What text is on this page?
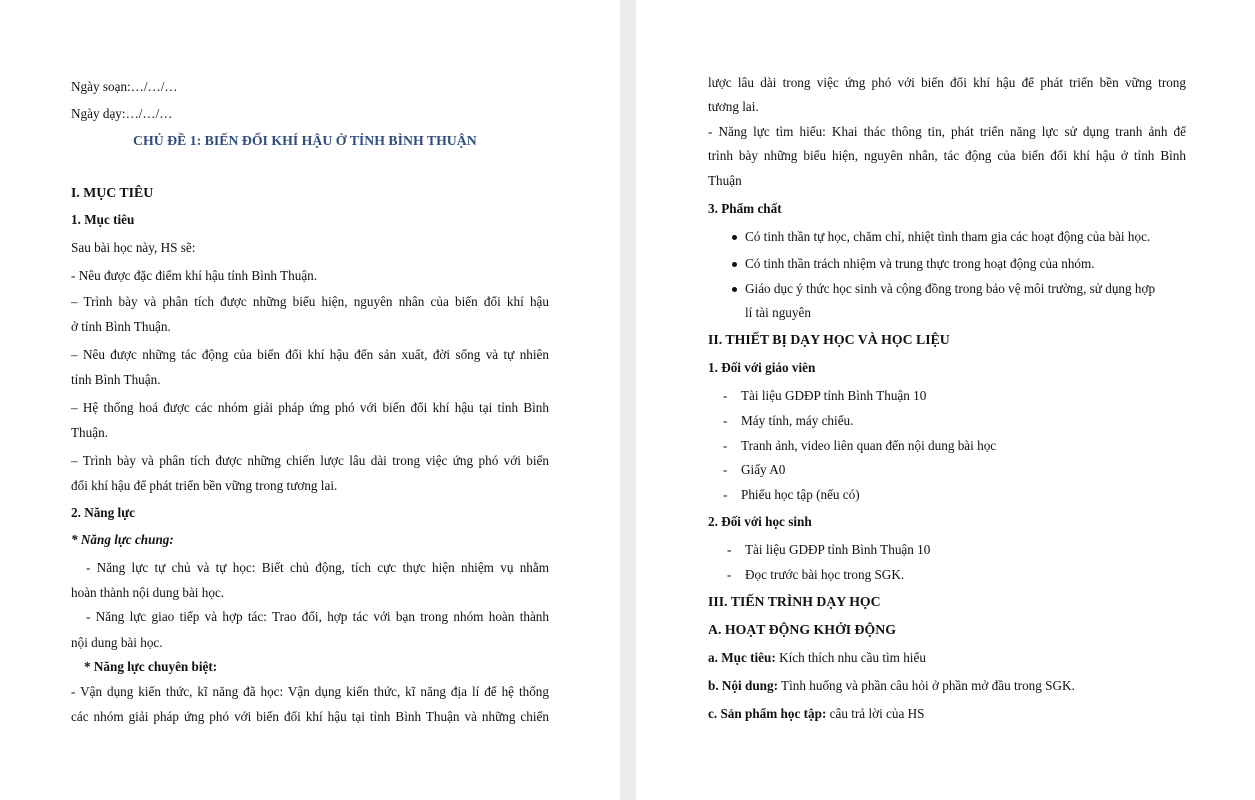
Ngày soạn:…/…/…
Ngày dạy:…/…/…
CHỦ ĐỀ 1: BIẾN ĐỔI KHÍ HẬU Ở TỈNH BÌNH THUẬN
I. MỤC TIÊU
1. Mục tiêu
Sau bài học này, HS sẽ:
- Nêu được đặc điểm khí hậu tỉnh Bình Thuận.
– Trình bày và phân tích được những biểu hiện, nguyên nhân của biến đổi khí hậu
ở tỉnh Bình Thuận.
– Nêu được những tác động của biến đổi khí hậu đến sản xuất, đời sống và tự nhiên
tỉnh Bình Thuận.
– Hệ thống hoá được các nhóm giải pháp ứng phó với biến đổi khí hậu tại tỉnh Bình
Thuận.
– Trình bày và phân tích được những chiến lược lâu dài trong việc ứng phó với biến
đổi khí hậu để phát triển bền vững trong tương lai.
2. Năng lực
* Năng lực chung:
- Năng lực tự chủ và tự học: Biết chủ động, tích cực thực hiện nhiệm vụ nhằm
hoàn thành nội dung bài học.
- Năng lực giao tiếp và hợp tác: Trao đổi, hợp tác với bạn trong nhóm hoàn thành
nội dung bài học.
* Năng lực chuyên biệt:
- Vận dụng kiến thức, kĩ năng đã học: Vận dụng kiến thức, kĩ năng địa lí để hệ thống
các nhóm giải pháp ứng phó với biến đổi khí hậu tại tỉnh Bình Thuận và những chiến
lược lâu dài trong việc ứng phó với biến đổi khí hậu để phát triển bền vững trong
tương lai.
- Năng lực tìm hiểu: Khai thác thông tin, phát triển năng lực sử dụng tranh ảnh để
trình bày những biểu hiện, nguyên nhân, tác động của biến đổi khí hậu ở tỉnh Bình
Thuận
3. Phẩm chất
Có tinh thần tự học, chăm chỉ, nhiệt tình tham gia các hoạt động của bài học.
Có tinh thần trách nhiệm và trung thực trong hoạt động của nhóm.
Giáo dục ý thức học sinh và cộng đồng trong bảo vệ môi trường, sử dụng hợp
lí tài nguyên
II. THIẾT BỊ DẠY HỌC VÀ HỌC LIỆU
1. Đối với giáo viên
Tài liệu GDĐP tỉnh Bình Thuận 10
Máy tính, máy chiếu.
Tranh ảnh, video liên quan đến nội dung bài học
Giấy A0
Phiếu học tập (nếu có)
2. Đối với học sinh
Tài liệu GDĐP tỉnh Bình Thuận 10
Đọc trước bài học trong SGK.
III. TIẾN TRÌNH DẠY HỌC
A. HOẠT ĐỘNG KHỞI ĐỘNG
a. Mục tiêu: Kích thích nhu cầu tìm hiểu
b. Nội dung: Tình huống và phần câu hỏi ở phần mở đầu trong SGK.
c. Sản phẩm học tập: câu trả lời của HS
